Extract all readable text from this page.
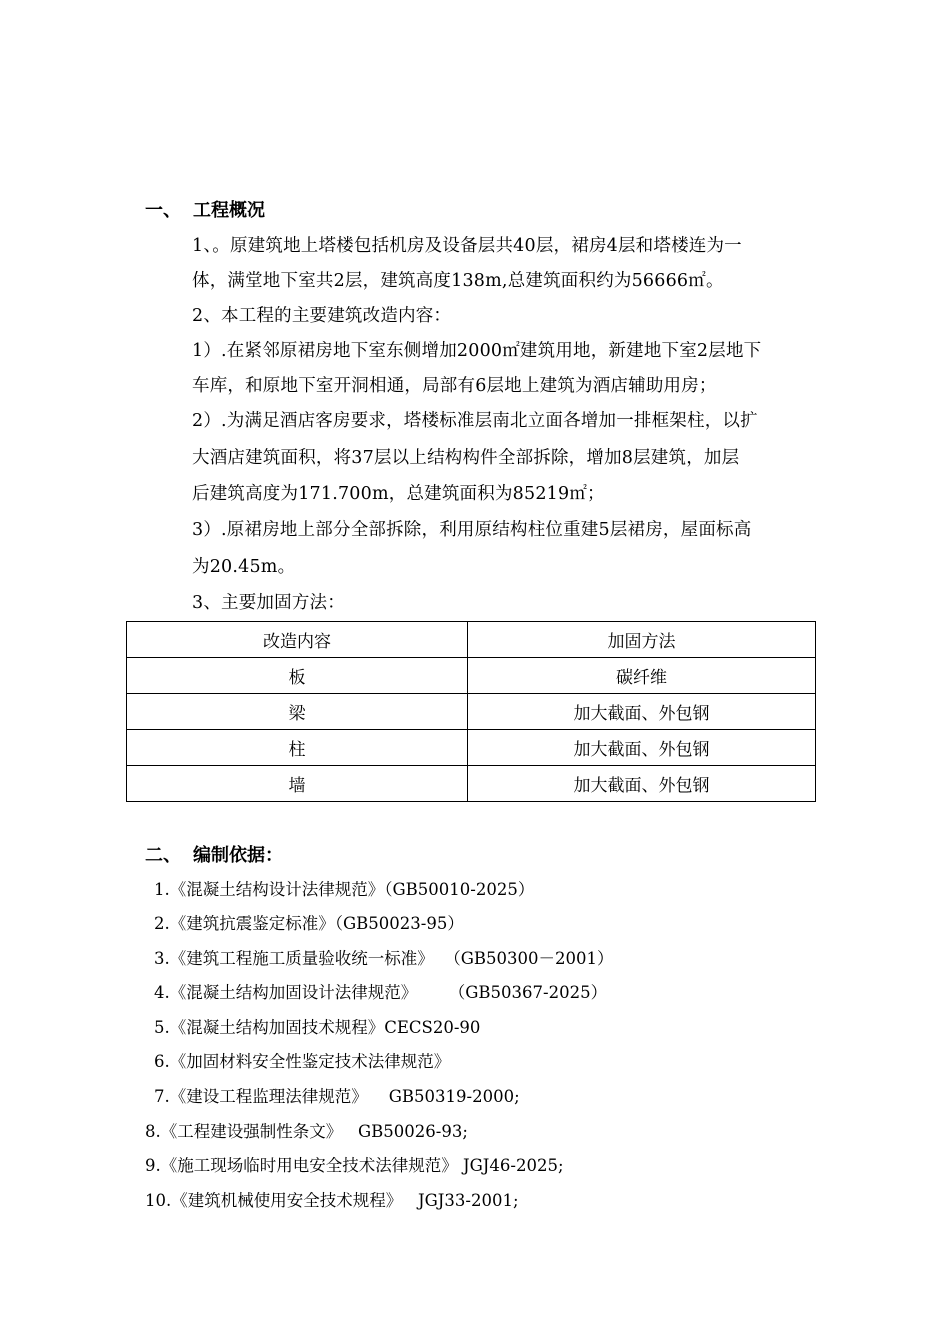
一、 工程概况
1、。原建筑地上塔楼包括机房及设备层共40层，裙房4层和塔楼连为一
体，满堂地下室共2层，建筑高度138m,总建筑面积约为56666㎡。
2、本工程的主要建筑改造内容：
1）.在紧邻原裙房地下室东侧增加2000㎡建筑用地，新建地下室2层地下
车库，和原地下室开洞相通，局部有6层地上建筑为酒店辅助用房；
2）.为满足酒店客房要求，塔楼标准层南北立面各增加一排框架柱，以扩
大酒店建筑面积，将37层以上结构构件全部拆除，增加8层建筑，加层
后建筑高度为171.700m，总建筑面积为85219㎡；
3）.原裙房地上部分全部拆除，利用原结构柱位重建5层裙房，屋面标高
为20.45m。
3、主要加固方法：
改造内容	加固方法
板	碳纤维
梁	加大截面、外包钢
柱	加大截面、外包钢
墙	加大截面、外包钢
二、 编制依据：
1.《混凝土结构设计法律规范》（GB50010-2025）
2.《建筑抗震鉴定标准》（GB50023-95）
3.《建筑工程施工质量验收统一标准》  （GB50300－2001）
4.《混凝土结构加固设计法律规范》      （GB50367-2025）
5.《混凝土结构加固技术规程》CECS20-90
6.《加固材料安全性鉴定技术法律规范》
7.《建设工程监理法律规范》    GB50319-2000;
8.《工程建设强制性条文》   GB50026-93;
9.《施工现场临时用电安全技术法律规范》 JGJ46-2025;
10.《建筑机械使用安全技术规程》   JGJ33-2001;
